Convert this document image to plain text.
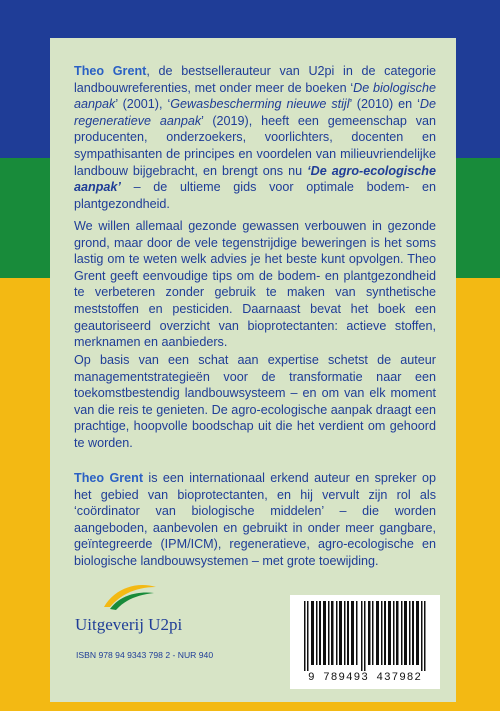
Theo Grent, de bestsellerauteur van U2pi in de categorie landbouwreferenties, met onder meer de boeken ‘De biologische aanpak’ (2001), ‘Gewasbescherming nieuwe stijl’ (2010) en ‘De regeneratieve aanpak’ (2019), heeft een gemeenschap van producenten, onderzoekers, voorlichters, docenten en sympathisanten de principes en voordelen van milieuvriendelijke landbouw bijgebracht, en brengt ons nu ‘De agro-ecologische aanpak’ – de ultieme gids voor optimale bodem- en plantgezondheid.
We willen allemaal gezonde gewassen verbouwen in gezonde grond, maar door de vele tegenstrijdige beweringen is het soms lastig om te weten welk advies je het beste kunt opvolgen. Theo Grent geeft eenvoudige tips om de bodem- en plantgezondheid te verbeteren zonder gebruik te maken van synthetische meststoffen en pesticiden. Daarnaast bevat het boek een geautoriseerd overzicht van bioprotectanten: actieve stoffen, merknamen en aanbieders.
Op basis van een schat aan expertise schetst de auteur managementstrategieën voor de transformatie naar een toekomstbestendig landbouwsysteem – en om van elk moment van die reis te genieten. De agro-ecologische aanpak draagt een prachtige, hoopvolle boodschap uit die het verdient om gehoord te worden.
Theo Grent is een internationaal erkend auteur en spreker op het gebied van bioprotectanten, en hij vervult zijn rol als ‘coördinator van biologische middelen’ – die worden aangeboden, aanbevolen en gebruikt in onder meer gangbare, geïntegreerde (IPM/ICM), regeneratieve, agro-ecologische en biologische landbouwsystemen – met grote toewijding.
Uitgeverij U2pi
ISBN 978 94 9343 798 2 - NUR 940
9 789493 437982
